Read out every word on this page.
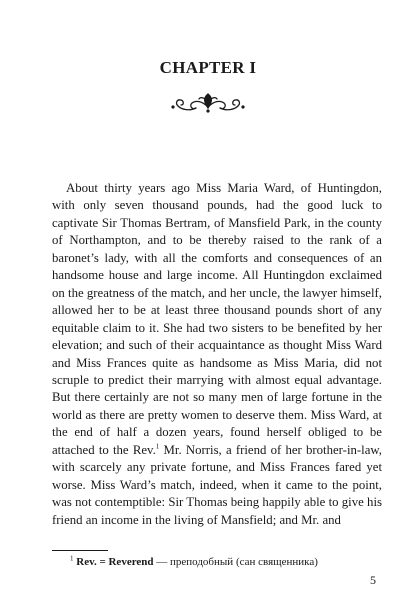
CHAPTER I

About thirty years ago Miss Maria Ward, of Huntingdon, with only seven thousand pounds, had the good luck to captivate Sir Thomas Bertram, of Mansfield Park, in the county of Northampton, and to be thereby raised to the rank of a baronet’s lady, with all the comforts and consequences of an handsome house and large income. All Huntingdon exclaimed on the greatness of the match, and her uncle, the lawyer himself, allowed her to be at least three thousand pounds short of any equitable claim to it. She had two sisters to be benefited by her elevation; and such of their acquaintance as thought Miss Ward and Miss Frances quite as handsome as Miss Maria, did not scruple to predict their marrying with almost equal advantage. But there certainly are not so many men of large fortune in the world as there are pretty women to deserve them. Miss Ward, at the end of half a dozen years, found herself obliged to be attached to the Rev.$^1$ Mr. Norris, a friend of her brother-in-law, with scarcely any private fortune, and Miss Frances fared yet worse. Miss Ward’s match, indeed, when it came to the point, was not contemptible: Sir Thomas being happily able to give his friend an income in the living of Mansfield; and Mr. and

$^1$ Rev. = Reverend — преподобный (сан священника)
5
